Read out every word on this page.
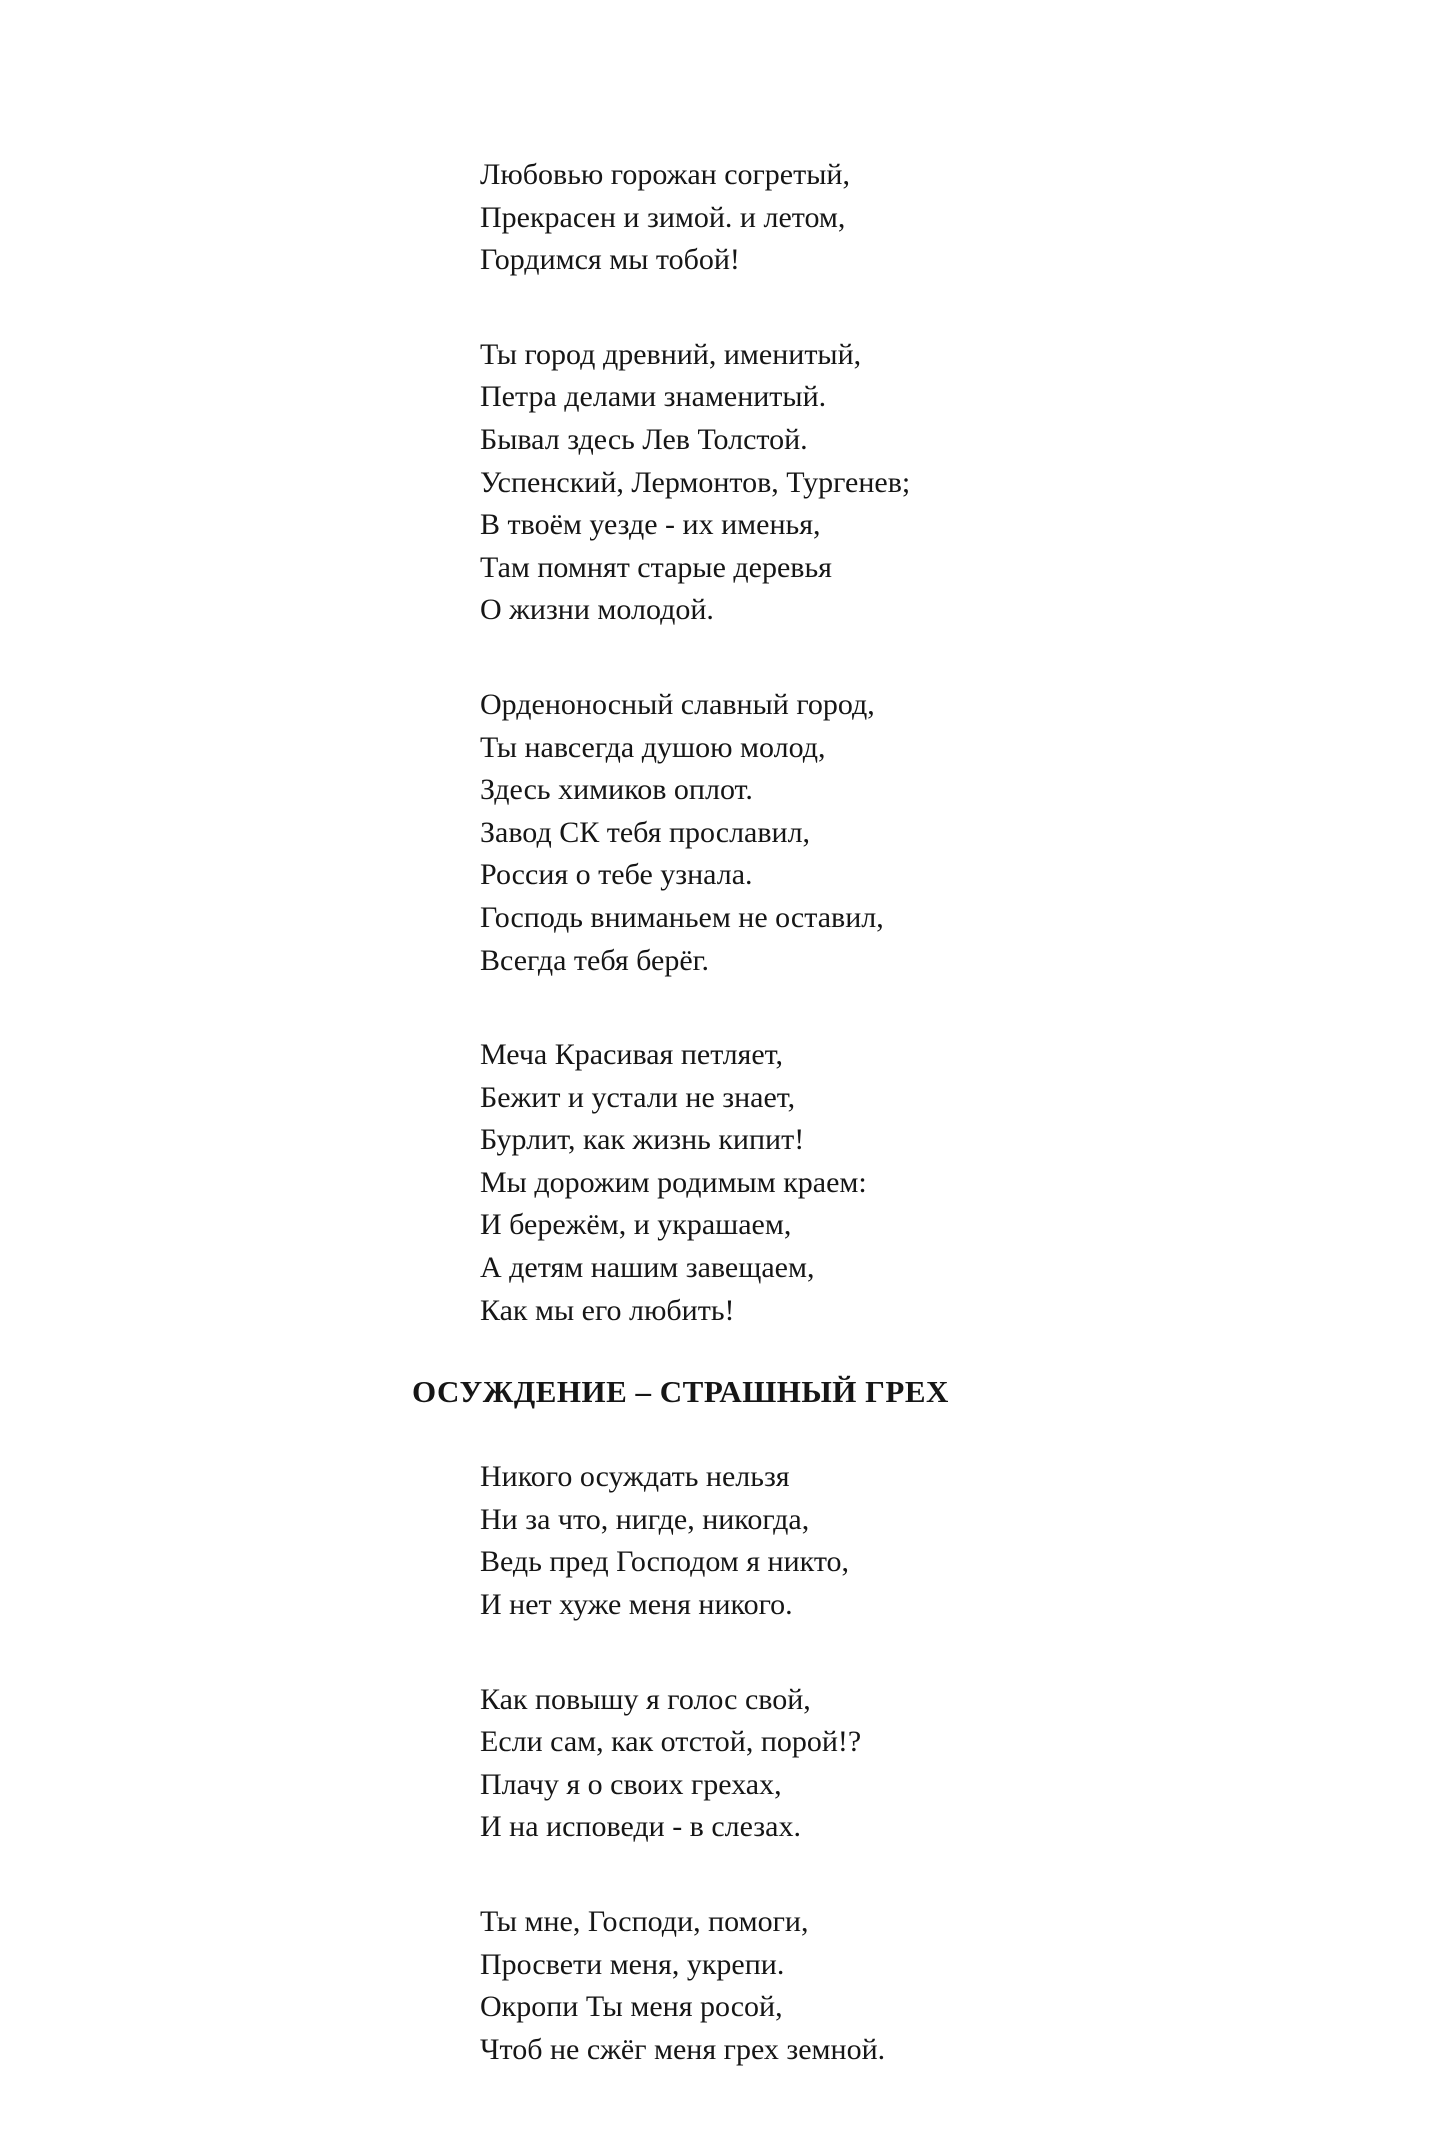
Любовью горожан согретый,
Прекрасен и зимой. и летом,
Гордимся мы тобой!
Ты город древний, именитый,
Петра делами знаменитый.
Бывал здесь Лев Толстой.
Успенский, Лермонтов, Тургенев;
В твоём уезде - их именья,
Там помнят старые деревья
О жизни молодой.
Орденоносный славный город,
Ты навсегда душою молод,
Здесь химиков оплот.
Завод СК тебя прославил,
Россия о тебе узнала.
Господь вниманьем не оставил,
Всегда тебя берёг.
Меча Красивая петляет,
Бежит и устали не знает,
Бурлит, как жизнь кипит!
Мы дорожим родимым краем:
И бережём, и украшаем,
А детям нашим завещаем,
Как мы его любить!
ОСУЖДЕНИЕ – СТРАШНЫЙ ГРЕХ
Никого осуждать нельзя
Ни за что, нигде, никогда,
Ведь пред Господом я никто,
И нет хуже меня никого.
Как повышу я голос свой,
Если сам, как отстой, порой!?
Плачу я о своих грехах,
И на исповеди - в слезах.
Ты мне, Господи, помоги,
Просвети меня, укрепи.
Окропи Ты меня росой,
Чтоб не сжёг меня грех земной.
